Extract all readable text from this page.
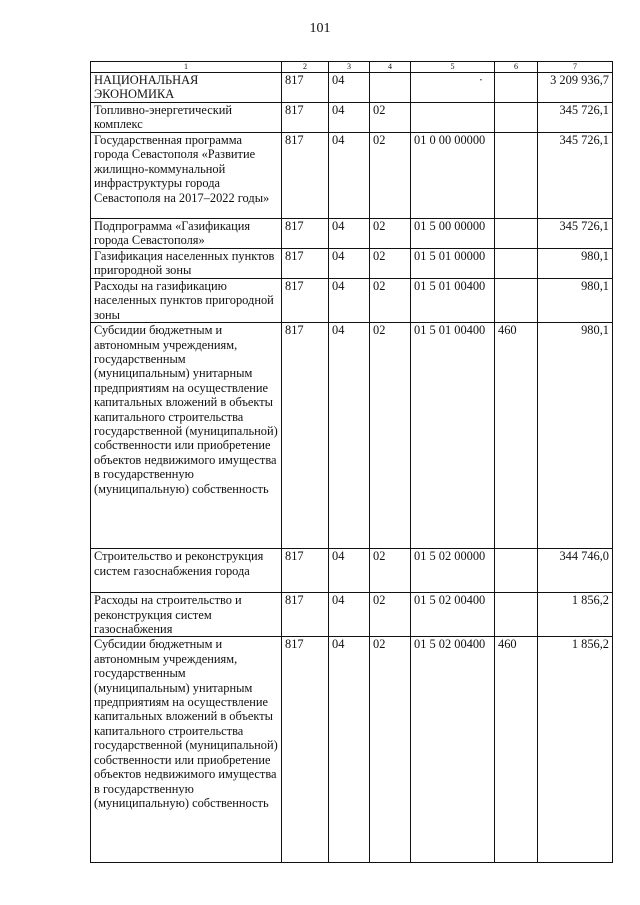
101
1	2	3	4	5	6	7
НАЦИОНАЛЬНАЯ ЭКОНОМИКА	817	04		·		3 209 936,7
Топливно-энергетический комплекс	817	04	02			345 726,1
Государственная программа города Севастополя «Развитие жилищно-коммунальной инфраструктуры города Севастополя на 2017–2022 годы»	817	04	02	01 0 00 00000		345 726,1
Подпрограмма «Газификация города Севастополя»	817	04	02	01 5 00 00000		345 726,1
Газификация населенных пунктов пригородной зоны	817	04	02	01 5 01 00000		980,1
Расходы на газификацию населенных пунктов пригородной зоны	817	04	02	01 5 01 00400		980,1
Субсидии бюджетным и автономным учреждениям, государственным (муниципальным) унитарным предприятиям на осуществление капитальных вложений в объекты капитального строительства государственной (муниципальной) собственности или приобретение объектов недвижимого имущества в государственную (муниципальную) собственность	817	04	02	01 5 01 00400	460	980,1
Строительство и реконструкция систем газоснабжения города	817	04	02	01 5 02 00000		344 746,0
Расходы на строительство и реконструкция систем газоснабжения	817	04	02	01 5 02 00400		1 856,2
Субсидии бюджетным и автономным учреждениям, государственным (муниципальным) унитарным предприятиям на осуществление капитальных вложений в объекты капитального строительства государственной (муниципальной) собственности или приобретение объектов недвижимого имущества в государственную (муниципальную) собственность	817	04	02	01 5 02 00400	460	1 856,2
